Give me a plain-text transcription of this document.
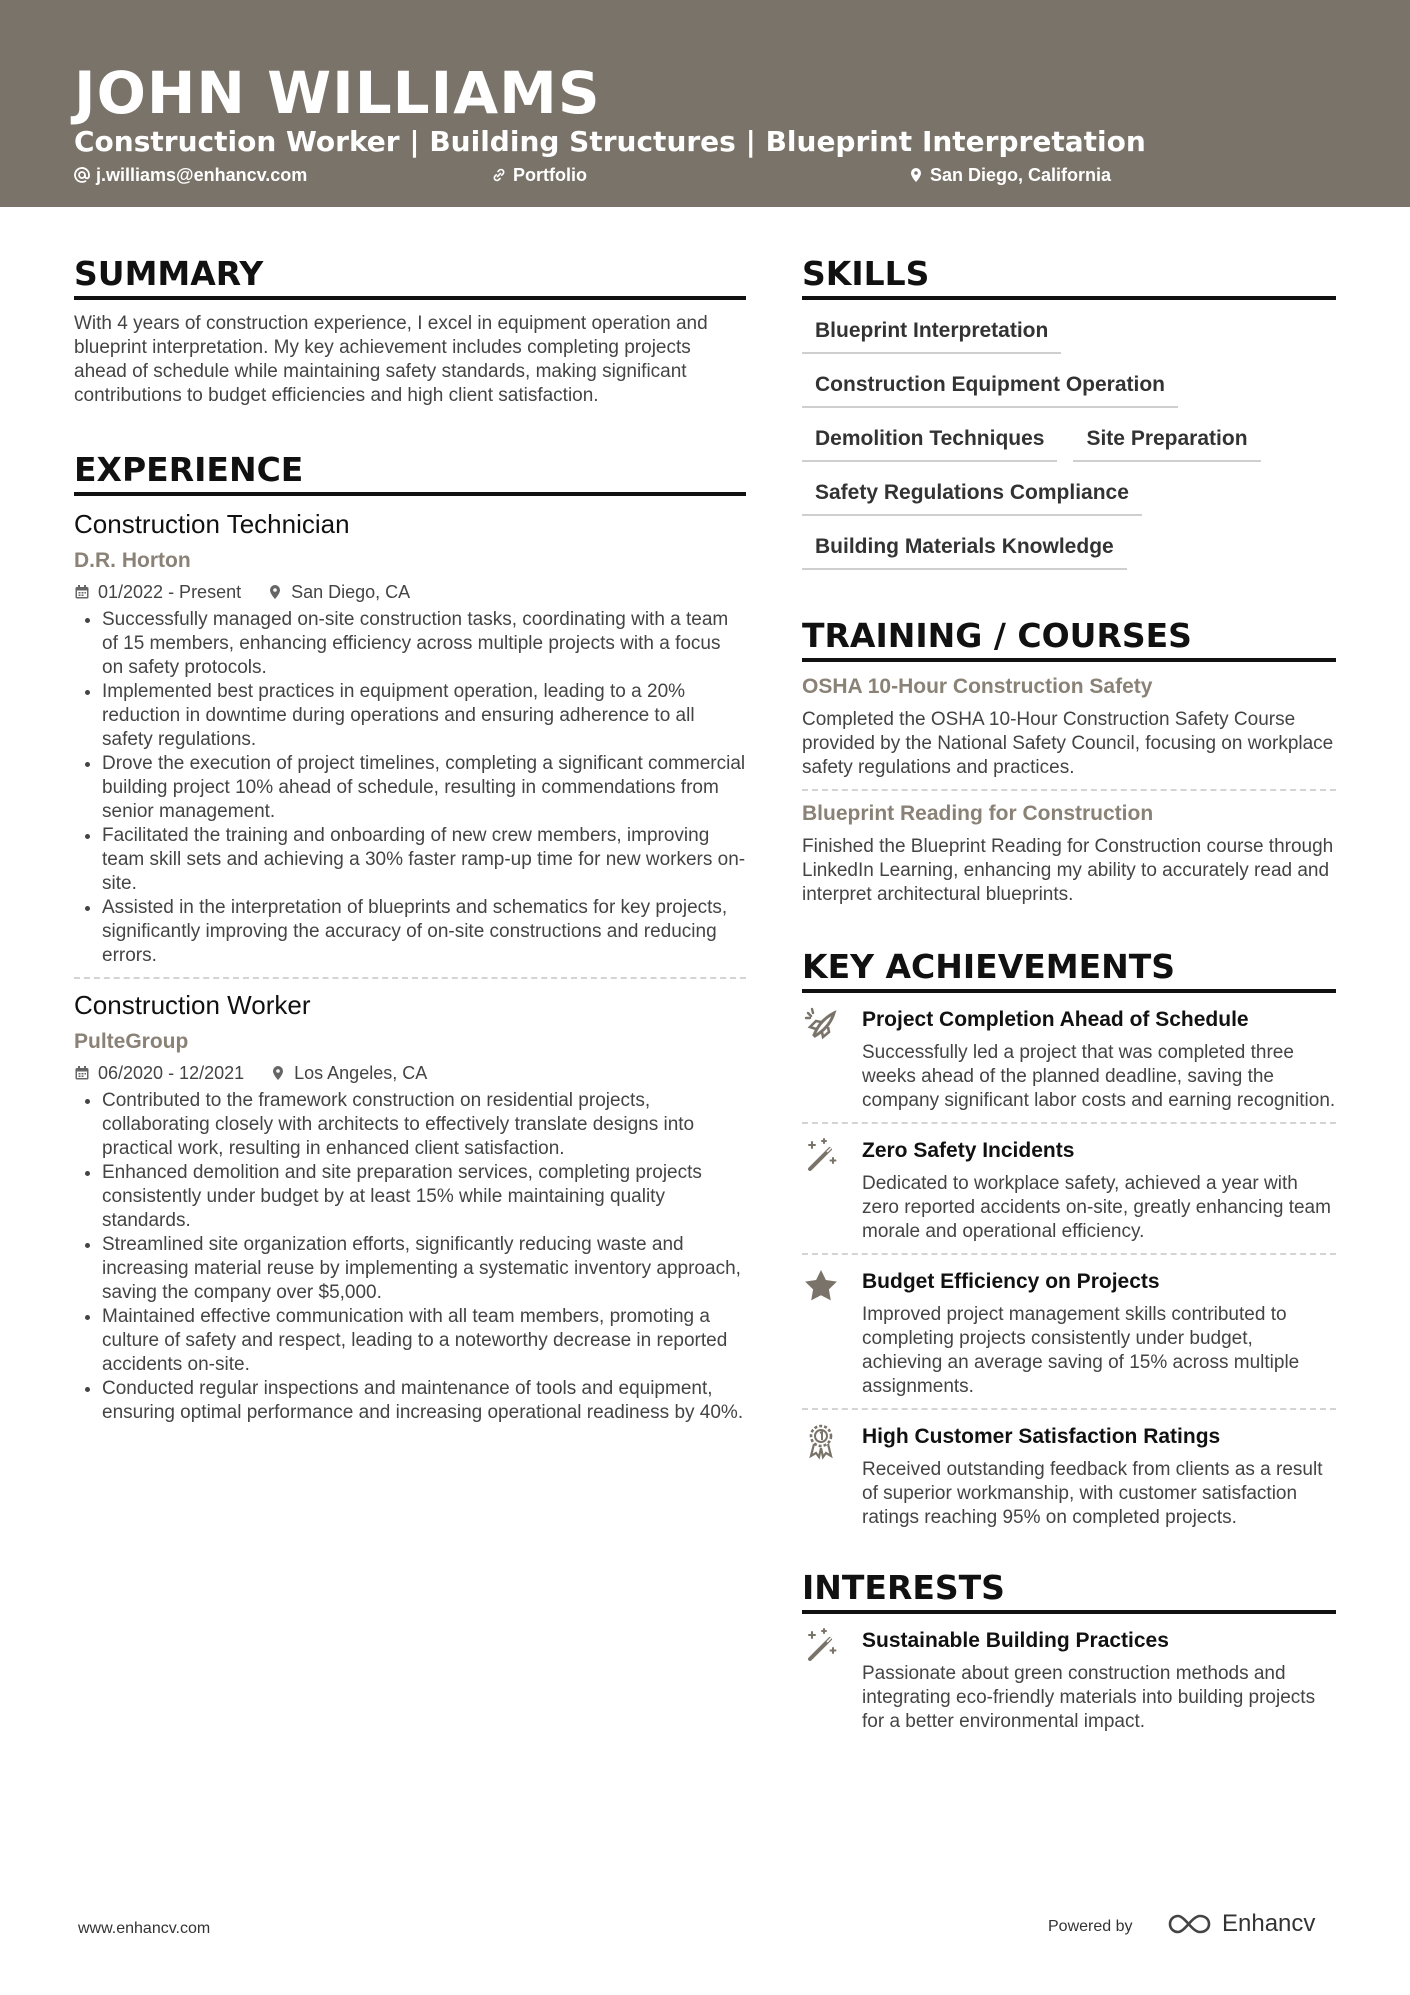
JOHN WILLIAMS
Construction Worker | Building Structures | Blueprint Interpretation
j.williams@enhancv.com	Portfolio	San Diego, California
SUMMARY

With 4 years of construction experience, I excel in equipment operation and blueprint interpretation. My key achievement includes completing projects ahead of schedule while maintaining safety standards, making significant contributions to budget efficiencies and high client satisfaction.

EXPERIENCE
Construction Technician
D.R. Horton
01/2022 - Present	San Diego, CA
• Successfully managed on-site construction tasks, coordinating with a team of 15 members, enhancing efficiency across multiple projects with a focus on safety protocols.
• Implemented best practices in equipment operation, leading to a 20% reduction in downtime during operations and ensuring adherence to all safety regulations.
• Drove the execution of project timelines, completing a significant commercial building project 10% ahead of schedule, resulting in commendations from senior management.
• Facilitated the training and onboarding of new crew members, improving team skill sets and achieving a 30% faster ramp-up time for new workers on-site.
• Assisted in the interpretation of blueprints and schematics for key projects, significantly improving the accuracy of on-site constructions and reducing errors.
Construction Worker
PulteGroup
06/2020 - 12/2021	Los Angeles, CA
• Contributed to the framework construction on residential projects, collaborating closely with architects to effectively translate designs into practical work, resulting in enhanced client satisfaction.
• Enhanced demolition and site preparation services, completing projects consistently under budget by at least 15% while maintaining quality standards.
• Streamlined site organization efforts, significantly reducing waste and increasing material reuse by implementing a systematic inventory approach, saving the company over $5,000.
• Maintained effective communication with all team members, promoting a culture of safety and respect, leading to a noteworthy decrease in reported accidents on-site.
• Conducted regular inspections and maintenance of tools and equipment, ensuring optimal performance and increasing operational readiness by 40%.
SKILLS
Blueprint Interpretation
Construction Equipment Operation
Demolition Techniques	Site Preparation
Safety Regulations Compliance
Building Materials Knowledge
TRAINING / COURSES
OSHA 10-Hour Construction Safety

Completed the OSHA 10-Hour Construction Safety Course provided by the National Safety Council, focusing on workplace safety regulations and practices.

Blueprint Reading for Construction

Finished the Blueprint Reading for Construction course through LinkedIn Learning, enhancing my ability to accurately read and interpret architectural blueprints.

KEY ACHIEVEMENTS
Project Completion Ahead of Schedule

Successfully led a project that was completed three weeks ahead of the planned deadline, saving the company significant labor costs and earning recognition.

Zero Safety Incidents

Dedicated to workplace safety, achieved a year with zero reported accidents on-site, greatly enhancing team morale and operational efficiency.

Budget Efficiency on Projects

Improved project management skills contributed to completing projects consistently under budget, achieving an average saving of 15% across multiple assignments.

High Customer Satisfaction Ratings

Received outstanding feedback from clients as a result of superior workmanship, with customer satisfaction ratings reaching 95% on completed projects.

INTERESTS
Sustainable Building Practices

Passionate about green construction methods and integrating eco-friendly materials into building projects for a better environmental impact.

www.enhancv.com	Powered by	Enhancv
